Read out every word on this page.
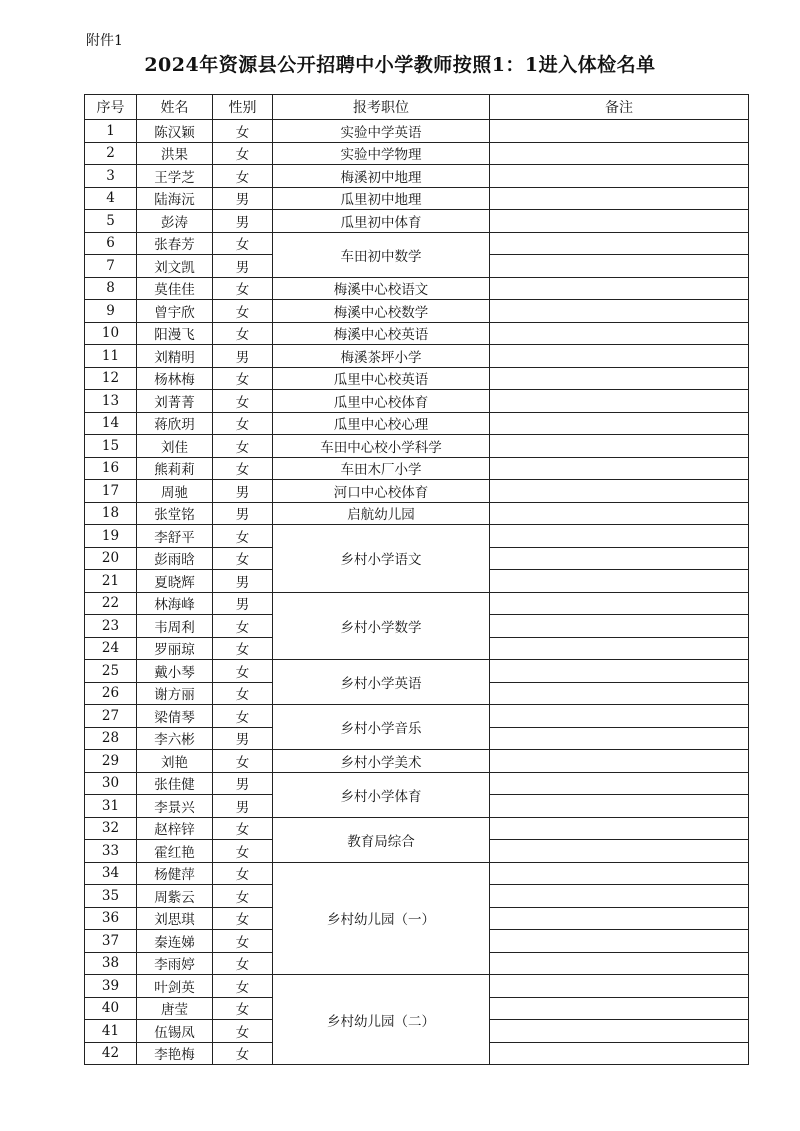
附件1
2024年资源县公开招聘中小学教师按照1：1进入体检名单
序号	姓名	性别	报考职位	备注
1	陈汉颖	女	实验中学英语	
2	洪果	女	实验中学物理	
3	王学芝	女	梅溪初中地理	
4	陆海沅	男	瓜里初中地理	
5	彭涛	男	瓜里初中体育	
6	张春芳	女	车田初中数学	
7	刘文凯	男		
8	莫佳佳	女	梅溪中心校语文	
9	曾宇欣	女	梅溪中心校数学	
10	阳漫飞	女	梅溪中心校英语	
11	刘精明	男	梅溪茶坪小学	
12	杨林梅	女	瓜里中心校英语	
13	刘菁菁	女	瓜里中心校体育	
14	蒋欣玥	女	瓜里中心校心理	
15	刘佳	女	车田中心校小学科学	
16	熊莉莉	女	车田木厂小学	
17	周驰	男	河口中心校体育	
18	张堂铭	男	启航幼儿园	
19	李舒平	女	乡村小学语文	
20	彭雨晗	女		
21	夏晓辉	男		
22	林海峰	男	乡村小学数学	
23	韦周利	女		
24	罗丽琼	女		
25	戴小琴	女	乡村小学英语	
26	谢方丽	女		
27	梁倩琴	女	乡村小学音乐	
28	李六彬	男		
29	刘艳	女	乡村小学美术	
30	张佳健	男	乡村小学体育	
31	李景兴	男		
32	赵梓锌	女	教育局综合	
33	霍红艳	女		
34	杨健萍	女	乡村幼儿园（一）	
35	周紫云	女		
36	刘思琪	女		
37	秦连娣	女		
38	李雨婷	女		
39	叶剑英	女	乡村幼儿园（二）	
40	唐莹	女		
41	伍锡凤	女		
42	李艳梅	女		
